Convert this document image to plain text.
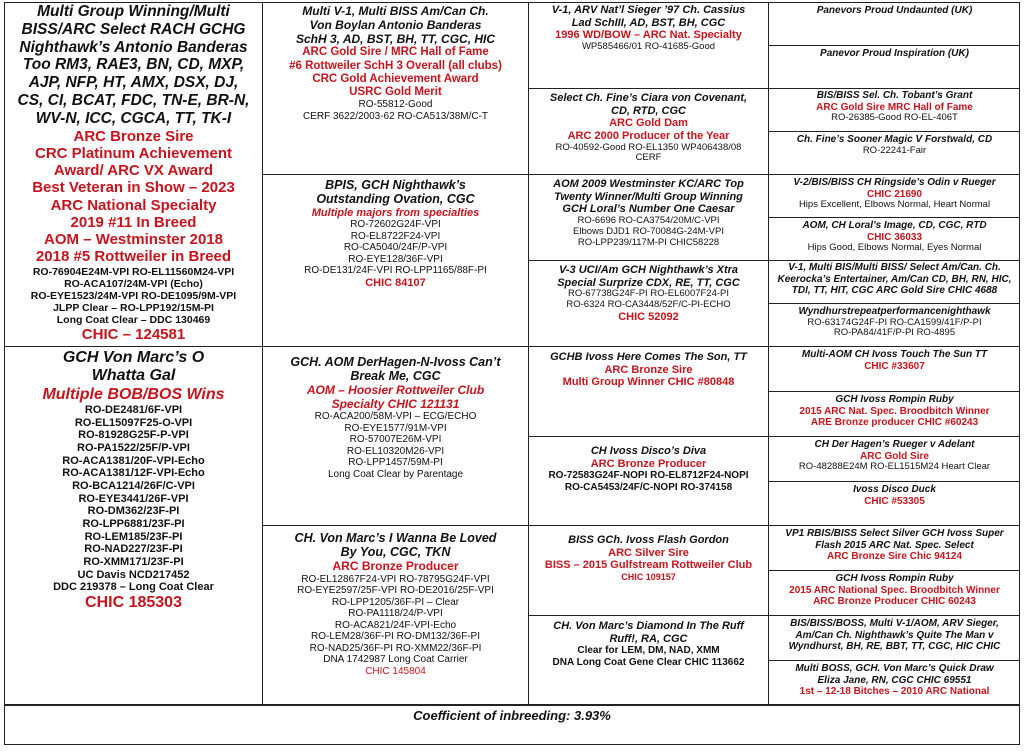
Multi Group Winning/Multi
BISS/ARC Select RACH GCHG
Nighthawk’s Antonio Banderas
Too RM3, RAE3, BN, CD, MXP,
AJP, NFP, HT, AMX, DSX, DJ,
CS, CI, BCAT, FDC, TN-E, BR-N,
WV-N, ICC, CGCA, TT, TK-I
ARC Bronze Sire
CRC Platinum Achievement
Award/ ARC VX Award
Best Veteran in Show – 2023
ARC National Specialty
2019 #11 In Breed
AOM – Westminster 2018
2018 #5 Rottweiler in Breed
RO-76904E24M-VPI RO-EL11560M24-VPI
RO-ACA107/24M-VPI (Echo)
RO-EYE1523/24M-VPI RO-DE1095/9M-VPI
JLPP Clear – RO-LPP192/15M-PI
Long Coat Clear – DDC 130469
CHIC – 124581
GCH Von Marc’s O
Whatta Gal
Multiple BOB/BOS Wins
RO-DE2481/6F-VPI
RO-EL15097F25-O-VPI
RO-81928G25F-P-VPI
RO-PA1522/25F/P-VPI
RO-ACA1381/20F-VPI-Echo
RO-ACA1381/12F-VPI-Echo
RO-BCA1214/26F/C-VPI
RO-EYE3441/26F-VPI
RO-DM362/23F-PI
RO-LPP6881/23F-PI
RO-LEM185/23F-PI
RO-NAD227/23F-PI
RO-XMM171/23F-PI
UC Davis NCD217452
DDC 219378 – Long Coat Clear
CHIC 185303
Multi V-1, Multi BISS Am/Can Ch.
Von Boylan Antonio Banderas
SchH 3, AD, BST, BH, TT, CGC, HIC
ARC Gold Sire / MRC Hall of Fame
#6 Rottweiler SchH 3 Overall (all clubs)
CRC Gold Achievement Award
USRC Gold Merit
RO-55812-Good
CERF 3622/2003-62 RO-CA513/38M/C-T
BPIS, GCH Nighthawk’s
Outstanding Ovation, CGC
Multiple majors from specialties
RO-72602G24F-VPI
RO-EL8722F24-VPI
RO-CA5040/24F/P-VPI
RO-EYE128/36F-VPI
RO-DE131/24F-VPI RO-LPP1165/88F-PI
CHIC 84107
GCH. AOM DerHagen-N-Ivoss Can’t
Break Me, CGC
AOM – Hoosier Rottweiler Club
Specialty CHIC 121131
RO-ACA200/58M-VPI – ECG/ECHO
RO-EYE1577/91M-VPI
RO-57007E26M-VPI
RO-EL10320M26-VPI
RO-LPP1457/59M-PI
Long Coat Clear by Parentage
CH. Von Marc’s I Wanna Be Loved
By You, CGC, TKN
ARC Bronze Producer
RO-EL12867F24-VPI RO-78795G24F-VPI
RO-EYE2597/25F-VPI RO-DE2016/25F-VPI
RO-LPP1205/36F-PI – Clear
RO-PA1118/24/P-VPI
RO-ACA821/24F-VPI-Echo
RO-LEM28/36F-PI RO-DM132/36F-PI
RO-NAD25/36F-PI RO-XMM22/36F-PI
DNA 1742987 Long Coat Carrier
CHIC 145804
V-1, ARV Nat’l Sieger ’97 Ch. Cassius
Lad SchIII, AD, BST, BH, CGC
1996 WD/BOW – ARC Nat. Specialty
WP585466/01 RO-41685-Good
Select Ch. Fine’s Ciara von Covenant,
CD, RTD, CGC
ARC Gold Dam
ARC 2000 Producer of the Year
RO-40592-Good RO-EL1350 WP406438/08
CERF
AOM 2009 Westminster KC/ARC Top
Twenty Winner/Multi Group Winning
GCH Loral’s Number One Caesar
RO-6696 RO-CA3754/20M/C-VPI
Elbows DJD1 RO-70084G-24M-VPI
RO-LPP239/117M-PI CHIC58228
V-3 UCI/Am GCH Nighthawk’s Xtra
Special Surprize CDX, RE, TT, CGC
RO-67738G24F-PI RO-EL6007F24-PI
RO-6324 RO-CA3448/52F/C-PI-ECHO
CHIC 52092
GCHB Ivoss Here Comes The Son, TT
ARC Bronze Sire
Multi Group Winner CHIC #80848
CH Ivoss Disco’s Diva
ARC Bronze Producer
RO-72583G24F-NOPI RO-EL8712F24-NOPI
RO-CA5453/24F/C-NOPI RO-374158
BISS GCh. Ivoss Flash Gordon
ARC Silver Sire
BISS – 2015 Gulfstream Rottweiler Club
CHIC 109157
CH. Von Marc’s Diamond In The Ruff
Ruff!, RA, CGC
Clear for LEM, DM, NAD, XMM
DNA Long Coat Gene Clear CHIC 113662
Panevors Proud Undaunted (UK)
Panevor Proud Inspiration (UK)
BIS/BISS Sel. Ch. Tobant’s Grant
ARC Gold Sire MRC Hall of Fame
RO-26385-Good RO-EL-406T
Ch. Fine’s Sooner Magic V Forstwald, CD
RO-22241-Fair
V-2/BIS/BISS CH Ringside’s Odin v Rueger
CHIC 21690
Hips Excellent, Elbows Normal, Heart Normal
AOM, CH Loral’s Image, CD, CGC, RTD
CHIC 36033
Hips Good, Elbows Normal, Eyes Normal
V-1, Multi BIS/Multi BISS/ Select Am/Can. Ch.
Keerocka’s Entertainer, Am/Can CD, BH, RN, HIC,
TDI, TT, HIT, CGC ARC Gold Sire CHIC 4688
Wyndhurstrepeatperformancenighthawk
RO-63174G24F-PI RO-CA1599/41F/P-PI
RO-PA84/41F/P-PI RO-4895
Multi-AOM CH Ivoss Touch The Sun TT
CHIC #33607
GCH Ivoss Rompin Ruby
2015 ARC Nat. Spec. Broodbitch Winner
ARE Bronze producer CHIC #60243
CH Der Hagen’s Rueger v Adelant
ARC Gold Sire
RO-48288E24M RO-EL1515M24 Heart Clear
Ivoss Disco Duck
CHIC #53305
VP1 RBIS/BISS Select Silver GCH Ivoss Super
Flash 2015 ARC Nat. Spec. Select
ARC Bronze Sire Chic 94124
GCH Ivoss Rompin Ruby
2015 ARC National Spec. Broodbitch Winner
ARC Bronze Producer CHIC 60243
BIS/BISS/BOSS, Multi V-1/AOM, ARV Sieger,
Am/Can Ch. Nighthawk’s Quite The Man v
Wyndhurst, BH, RE, BBT, TT, CGC, HIC CHIC
Multi BOSS, GCH. Von Marc’s Quick Draw
Eliza Jane, RN, CGC CHIC 69551
1st – 12-18 Bitches – 2010 ARC National
Coefficient of inbreeding: 3.93%
